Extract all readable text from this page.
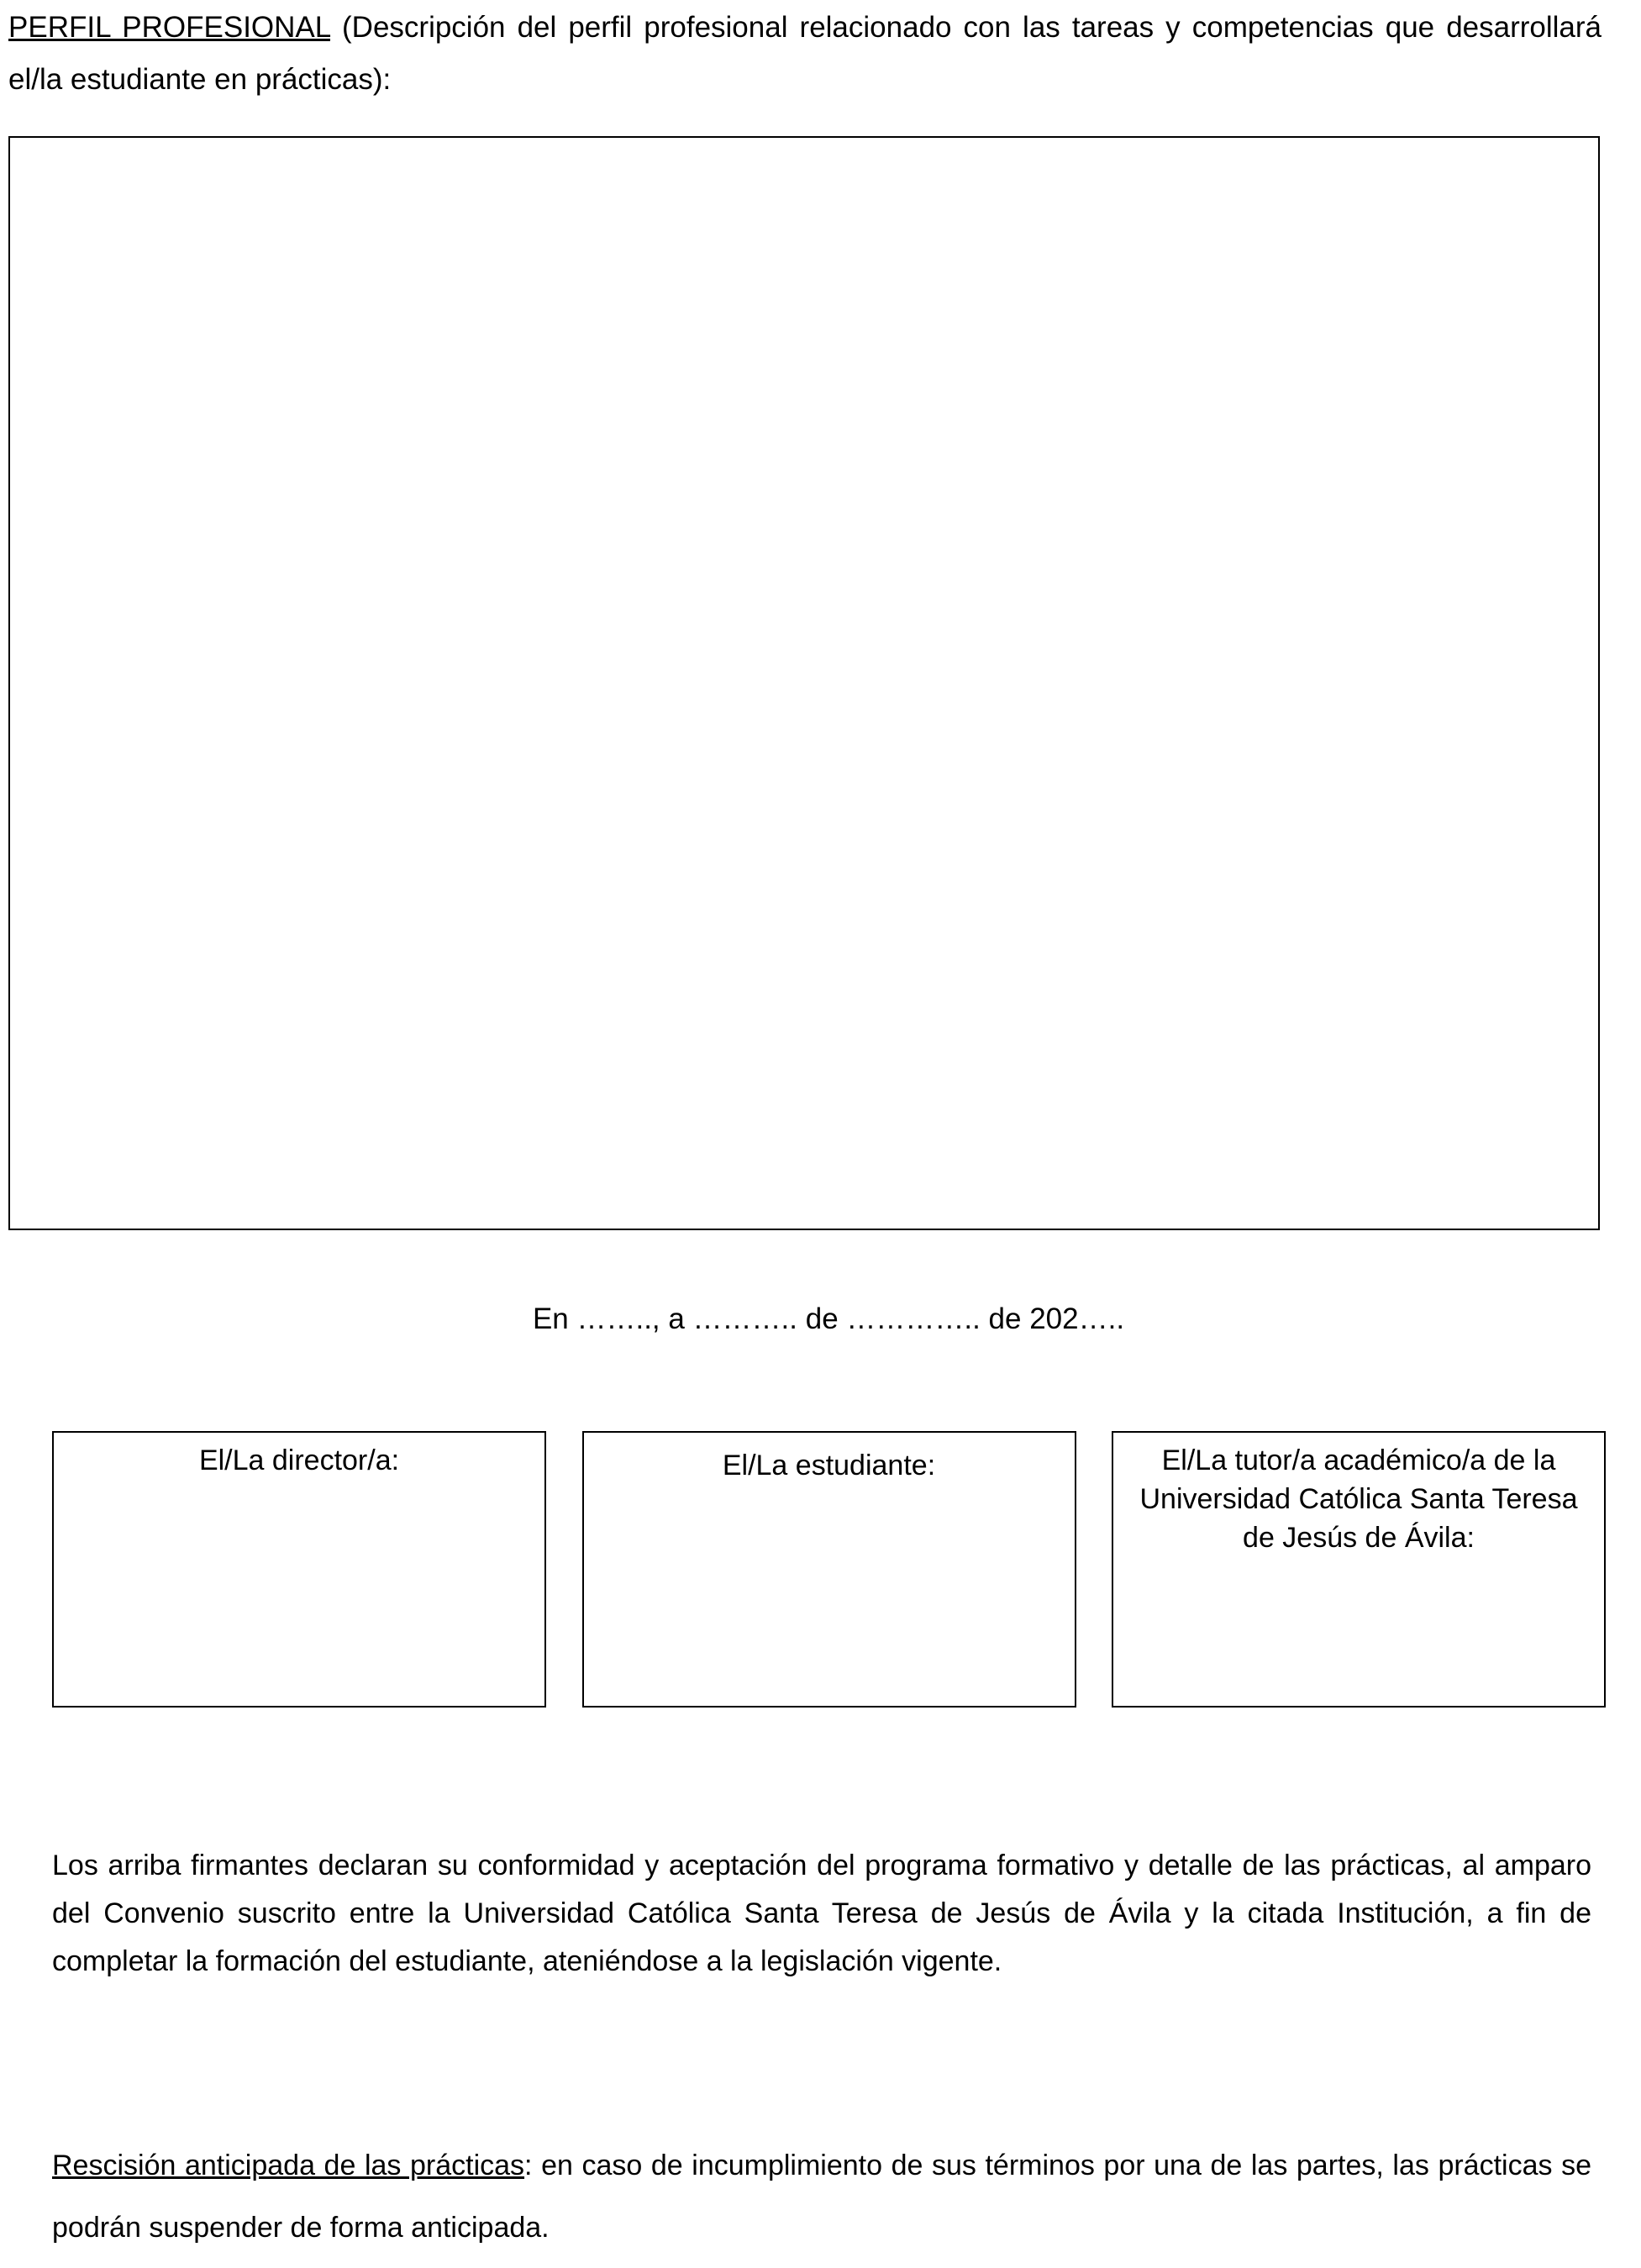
PERFIL PROFESIONAL (Descripción del perfil profesional relacionado con las tareas y competencias que desarrollará el/la estudiante en prácticas):

En …….., a ……….. de ………….. de 202…..

El/La director/a:	El/La estudiante:	El/La tutor/a académico/a de la Universidad Católica Santa Teresa de Jesús de Ávila:

Los arriba firmantes declaran su conformidad y aceptación del programa formativo y detalle de las prácticas, al amparo del Convenio suscrito entre la Universidad Católica Santa Teresa de Jesús de Ávila y la citada Institución, a fin de completar la formación del estudiante, ateniéndose a la legislación vigente.

Rescisión anticipada de las prácticas: en caso de incumplimiento de sus términos por una de las partes, las prácticas se podrán suspender de forma anticipada.
